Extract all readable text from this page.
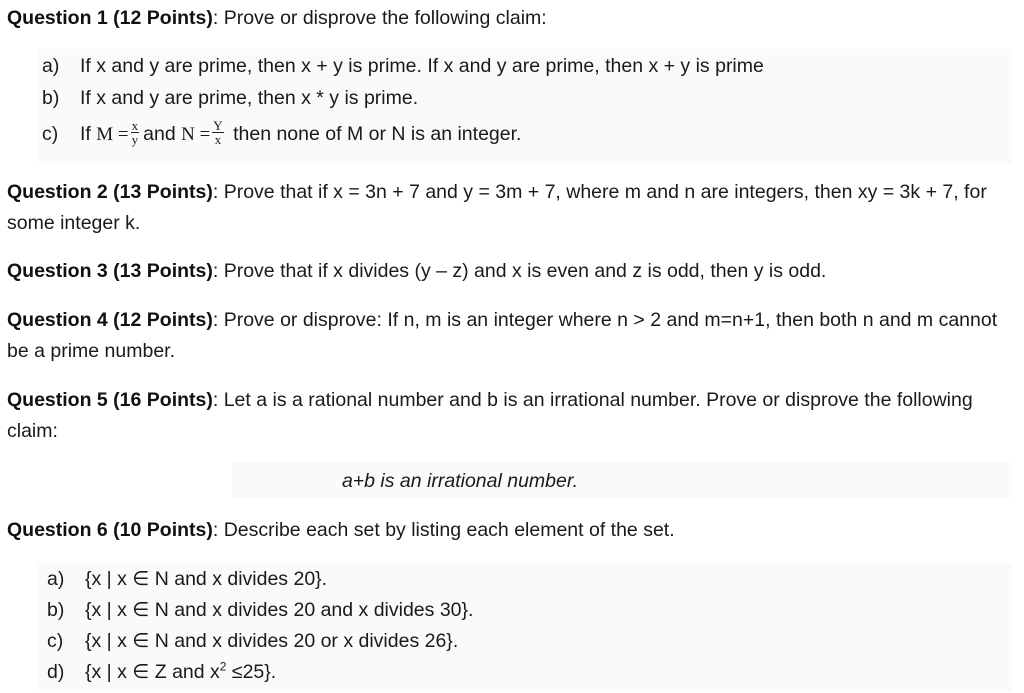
Question 1 (12 Points): Prove or disprove the following claim:
a) If x and y are prime, then x + y is prime. If x and y are prime, then x + y is prime
b) If x and y are prime, then x * y is prime.
c) If $M = \frac{x}{y}$ and $N = \frac{Y}{x}$ then none of M or N is an integer.
Question 2 (13 Points): Prove that if x = 3n + 7 and y = 3m + 7, where m and n are integers, then xy = 3k + 7, for some integer k.
Question 3 (13 Points): Prove that if x divides (y – z) and x is even and z is odd, then y is odd.
Question 4 (12 Points): Prove or disprove: If n, m is an integer where n > 2 and m=n+1, then both n and m cannot be a prime number.
Question 5 (16 Points): Let a is a rational number and b is an irrational number. Prove or disprove the following claim:
a+b is an irrational number.
Question 6 (10 Points): Describe each set by listing each element of the set.
a) {x | x ∈ N and x divides 20}.
b) {x | x ∈ N and x divides 20 and x divides 30}.
c) {x | x ∈ N and x divides 20 or x divides 26}.
d) {x | x ∈ Z and $x^2 \le 25$}.
